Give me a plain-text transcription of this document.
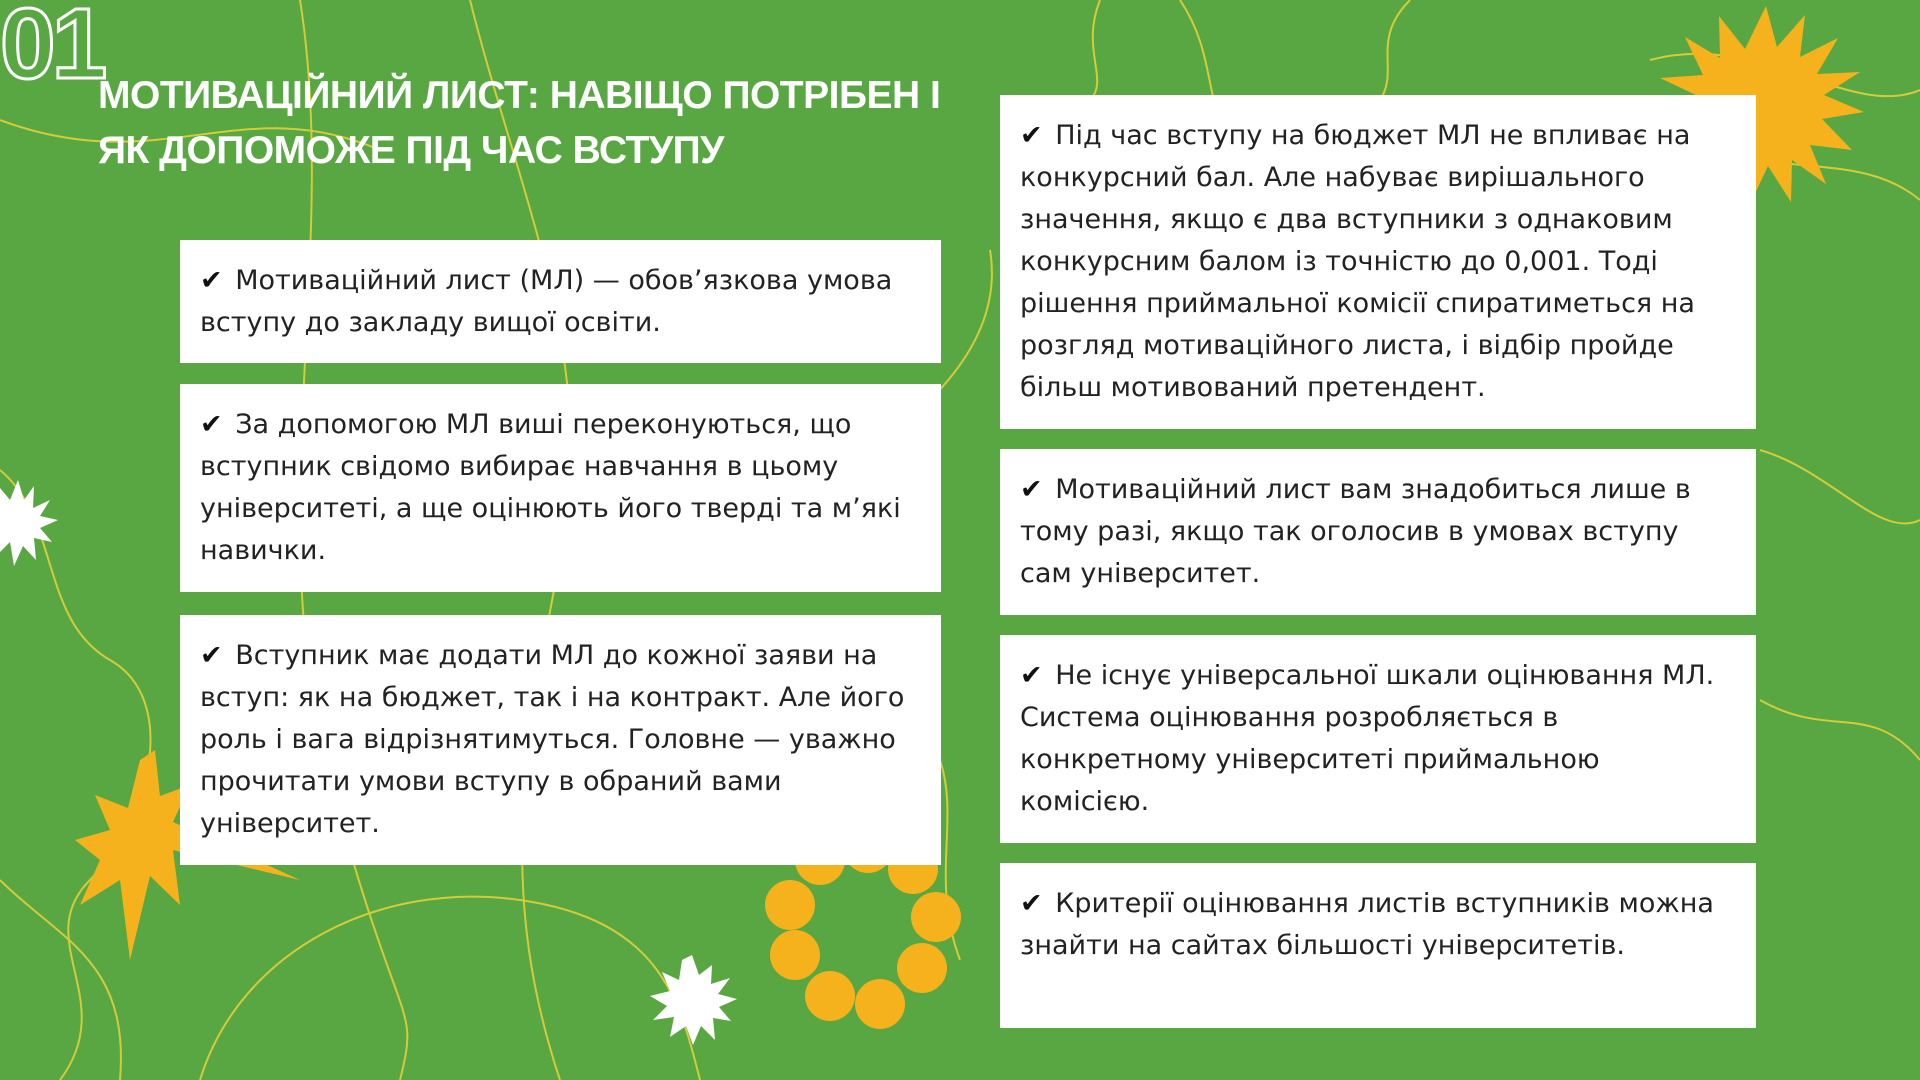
01
МОТИВАЦІЙНИЙ ЛИСТ: НАВІЩО ПОТРІБЕН І ЯК ДОПОМОЖЕ ПІД ЧАС ВСТУПУ
✔ Мотиваційний лист (МЛ) — обов’язкова умова вступу до закладу вищої освіти.
✔ За допомогою МЛ виші переконуються, що вступник свідомо вибирає навчання в цьому університеті, а ще оцінюють його тверді та м’які навички.
✔ Вступник має додати МЛ до кожної заяви на вступ: як на бюджет, так і на контракт. Але його роль і вага відрізнятимуться. Головне — уважно прочитати умови вступу в обраний вами університет.
✔ Під час вступу на бюджет МЛ не впливає на конкурсний бал. Але набуває вирішального значення, якщо є два вступники з однаковим конкурсним балом із точністю до 0,001. Тоді рішення приймальної комісії спиратиметься на розгляд мотиваційного листа, і відбір пройде більш мотивований претендент.
✔ Мотиваційний лист вам знадобиться лише в тому разі, якщо так оголосив в умовах вступу сам університет.
✔ Не існує універсальної шкали оцінювання МЛ. Система оцінювання розробляється в конкретному університеті приймальною комісією.
✔ Критерії оцінювання листів вступників можна знайти на сайтах більшості університетів.
